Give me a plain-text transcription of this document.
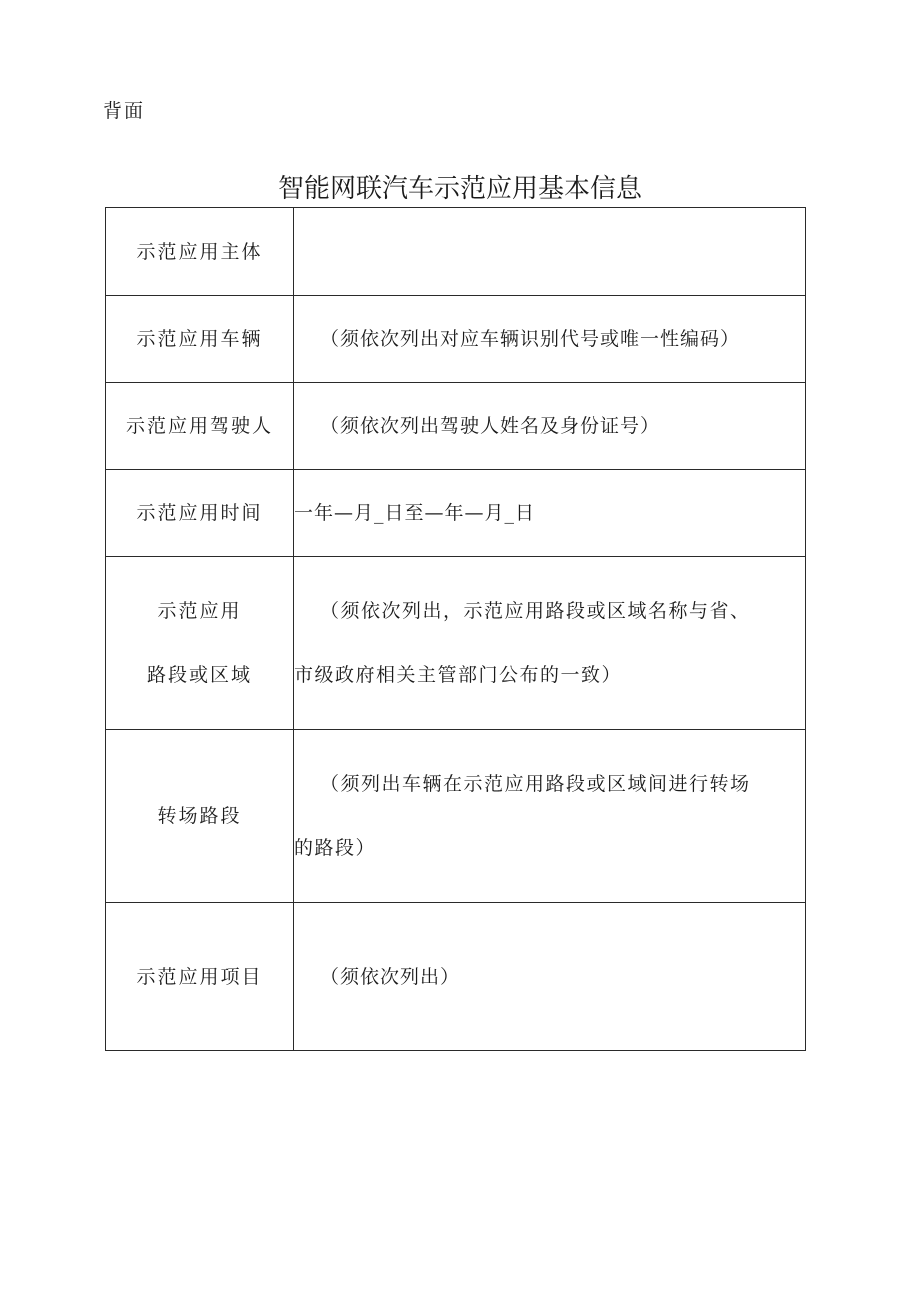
背面
智能网联汽车示范应用基本信息
示范应用主体	
示范应用车辆	（须依次列出对应车辆识别代号或唯一性编码）
示范应用驾驶人	（须依次列出驾驶人姓名及身份证号）
示范应用时间	一年—月_日至—年—月_日

示范应用
路段或区域	（须依次列出，示范应用路段或区域名称与省、
市级政府相关主管部门公布的一致）

转场路段	（须列出车辆在示范应用路段或区域间进行转场
的路段）

示范应用项目	（须依次列出）
